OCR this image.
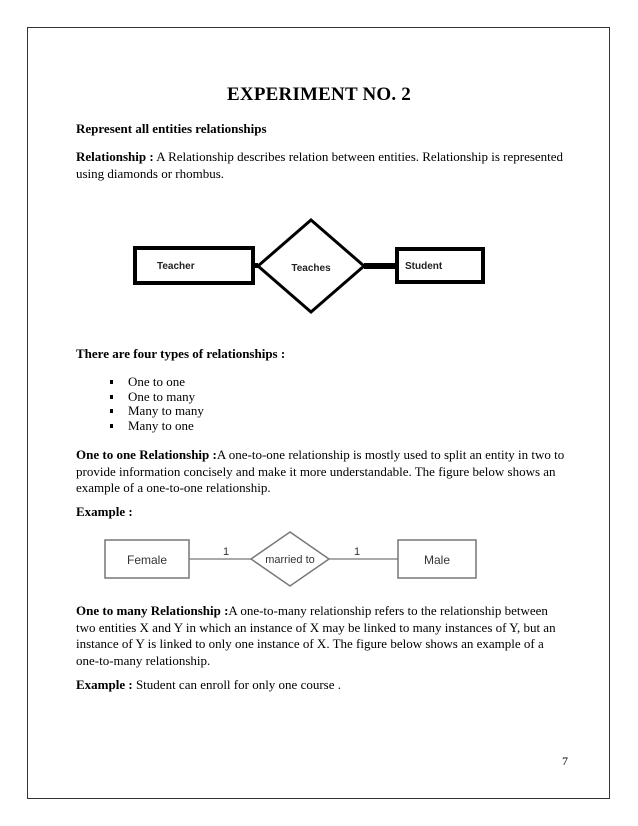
EXPERIMENT NO. 2

Represent all entities relationships

Relationship : A Relationship describes relation between entities. Relationship is represented using diamonds or rhombus.

Teacher	Teaches	Student

There are four types of relationships :

One to one
One to many
Many to many
Many to one

One to one Relationship :A one-to-one relationship is mostly used to split an entity in two to provide information concisely and make it more understandable. The figure below shows an example of a one-to-one relationship.

Example :

Female	married to	Male
1	1

One to many Relationship :A one-to-many relationship refers to the relationship between two entities X and Y in which an instance of X may be linked to many instances of Y, but an instance of Y is linked to only one instance of X. The figure below shows an example of a one-to-many relationship.

Example : Student can enroll for only one course .

7
